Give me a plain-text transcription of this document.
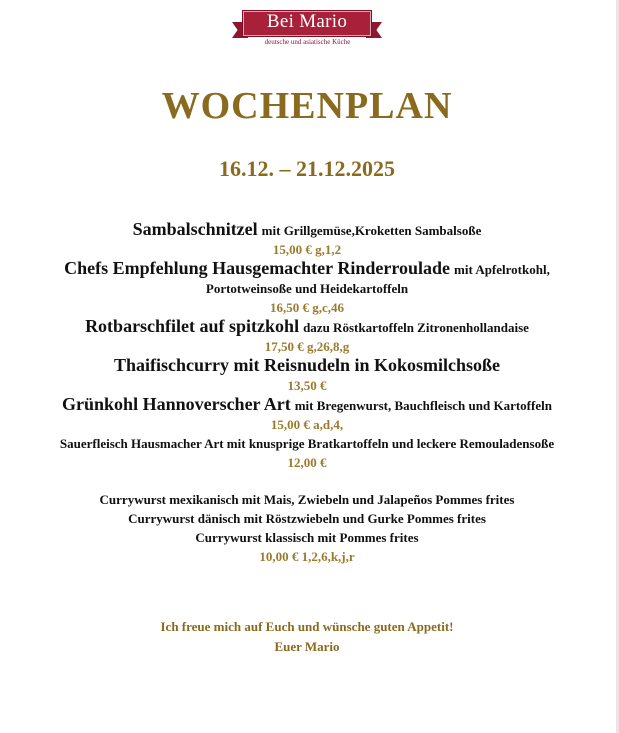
Bei Mario
deutsche und asiatische Küche
WOCHENPLAN
16.12. – 21.12.2025
Sambalschnitzel mit Grillgemüse,Kroketten Sambalsoße
15,00 € g,1,2
Chefs Empfehlung Hausgemachter Rinderroulade mit Apfelrotkohl,
Portotweinsoße und Heidekartoffeln
16,50 € g,c,46
Rotbarschfilet auf spitzkohl dazu Röstkartoffeln Zitronenhollandaise
17,50 € g,26,8,g
Thaifischcurry mit Reisnudeln in Kokosmilchsoße
13,50 €
Grünkohl Hannoverscher Art mit Bregenwurst, Bauchfleisch und Kartoffeln
15,00 € a,d,4,
Sauerfleisch Hausmacher Art mit knusprige Bratkartoffeln und leckere Remouladensoße
12,00 €
Currywurst mexikanisch mit Mais, Zwiebeln und Jalapeños Pommes frites
Currywurst dänisch mit Röstzwiebeln und Gurke Pommes frites
Currywurst klassisch mit Pommes frites
10,00 € 1,2,6,k,j,r
Ich freue mich auf Euch und wünsche guten Appetit!
Euer Mario
